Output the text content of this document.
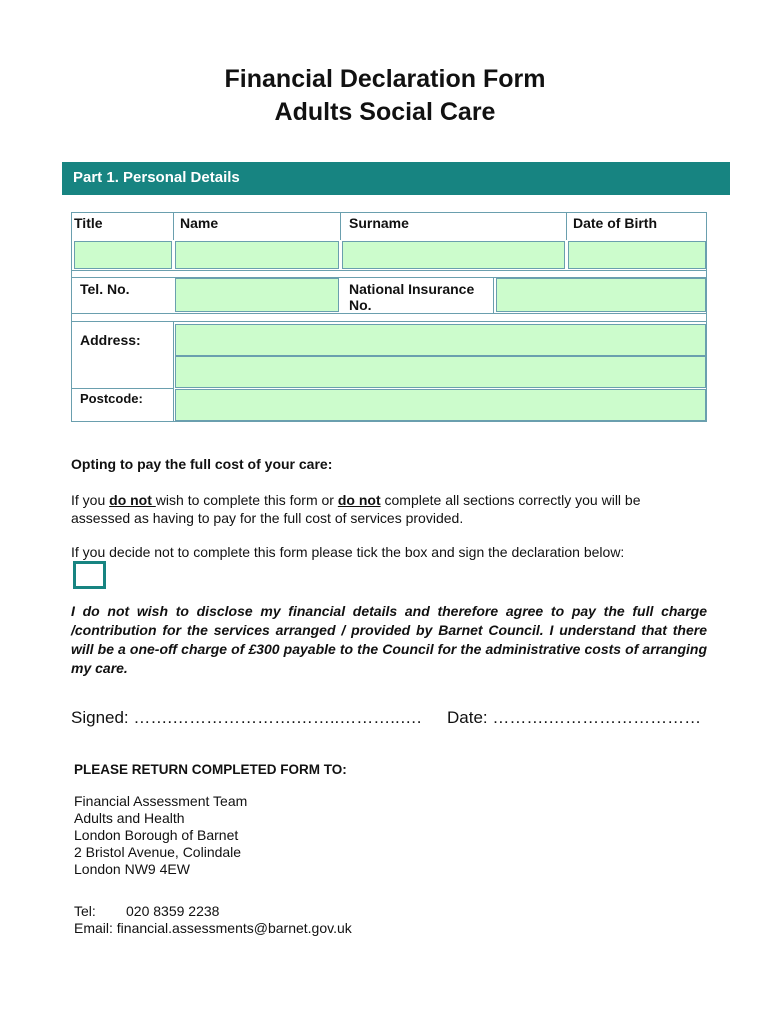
Financial Declaration Form
Adults Social Care
Part 1. Personal Details
Title	Name	Surname	Date of Birth
Tel. No.	National Insurance
No.
Address:
Postcode:
Opting to pay the full cost of your care:
If you do not wish to complete this form or do not complete all sections correctly you will be
assessed as having to pay for the full cost of services provided.
If you decide not to complete this form please tick the box and sign the declaration below:
I do not wish to disclose my financial details and therefore agree to pay the full charge /contribution for the services arranged / provided by Barnet Council. I understand that there will be a one-off charge of £300 payable to the Council for the administrative costs of arranging my care.
Signed: …….………………….……..………..…. Date: ……….………………………
PLEASE RETURN COMPLETED FORM TO:
Financial Assessment Team
Adults and Health
London Borough of Barnet
2 Bristol Avenue, Colindale
London NW9 4EW
Tel: 020 8359 2238
Email: financial.assessments@barnet.gov.uk
